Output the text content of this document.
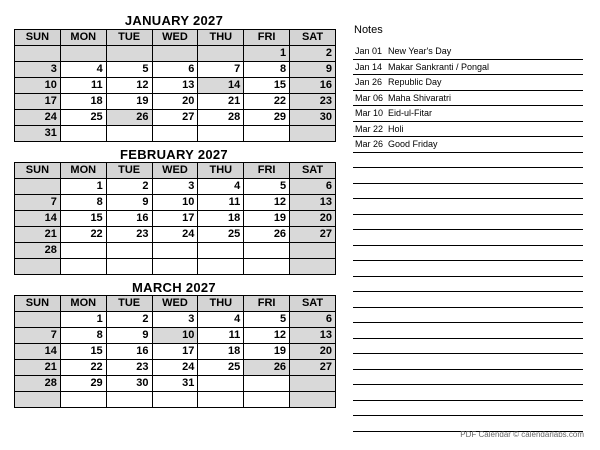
JANUARY 2027
SUN	MON	TUE	WED	THU	FRI	SAT
					1	2
3	4	5	6	7	8	9
10	11	12	13	14	15	16
17	18	19	20	21	22	23
24	25	26	27	28	29	30
31						
FEBRUARY 2027
SUN	MON	TUE	WED	THU	FRI	SAT
	1	2	3	4	5	6
7	8	9	10	11	12	13
14	15	16	17	18	19	20
21	22	23	24	25	26	27
28						

MARCH 2027
SUN	MON	TUE	WED	THU	FRI	SAT
	1	2	3	4	5	6
7	8	9	10	11	12	13
14	15	16	17	18	19	20
21	22	23	24	25	26	27
28	29	30	31			

Notes
Jan 01 New Year's Day
Jan 14 Makar Sankranti / Pongal
Jan 26 Republic Day
Mar 06 Maha Shivaratri
Mar 10 Eid-ul-Fitar
Mar 22 Holi
Mar 26 Good Friday
PDF Calendar © calendarlabs.com
